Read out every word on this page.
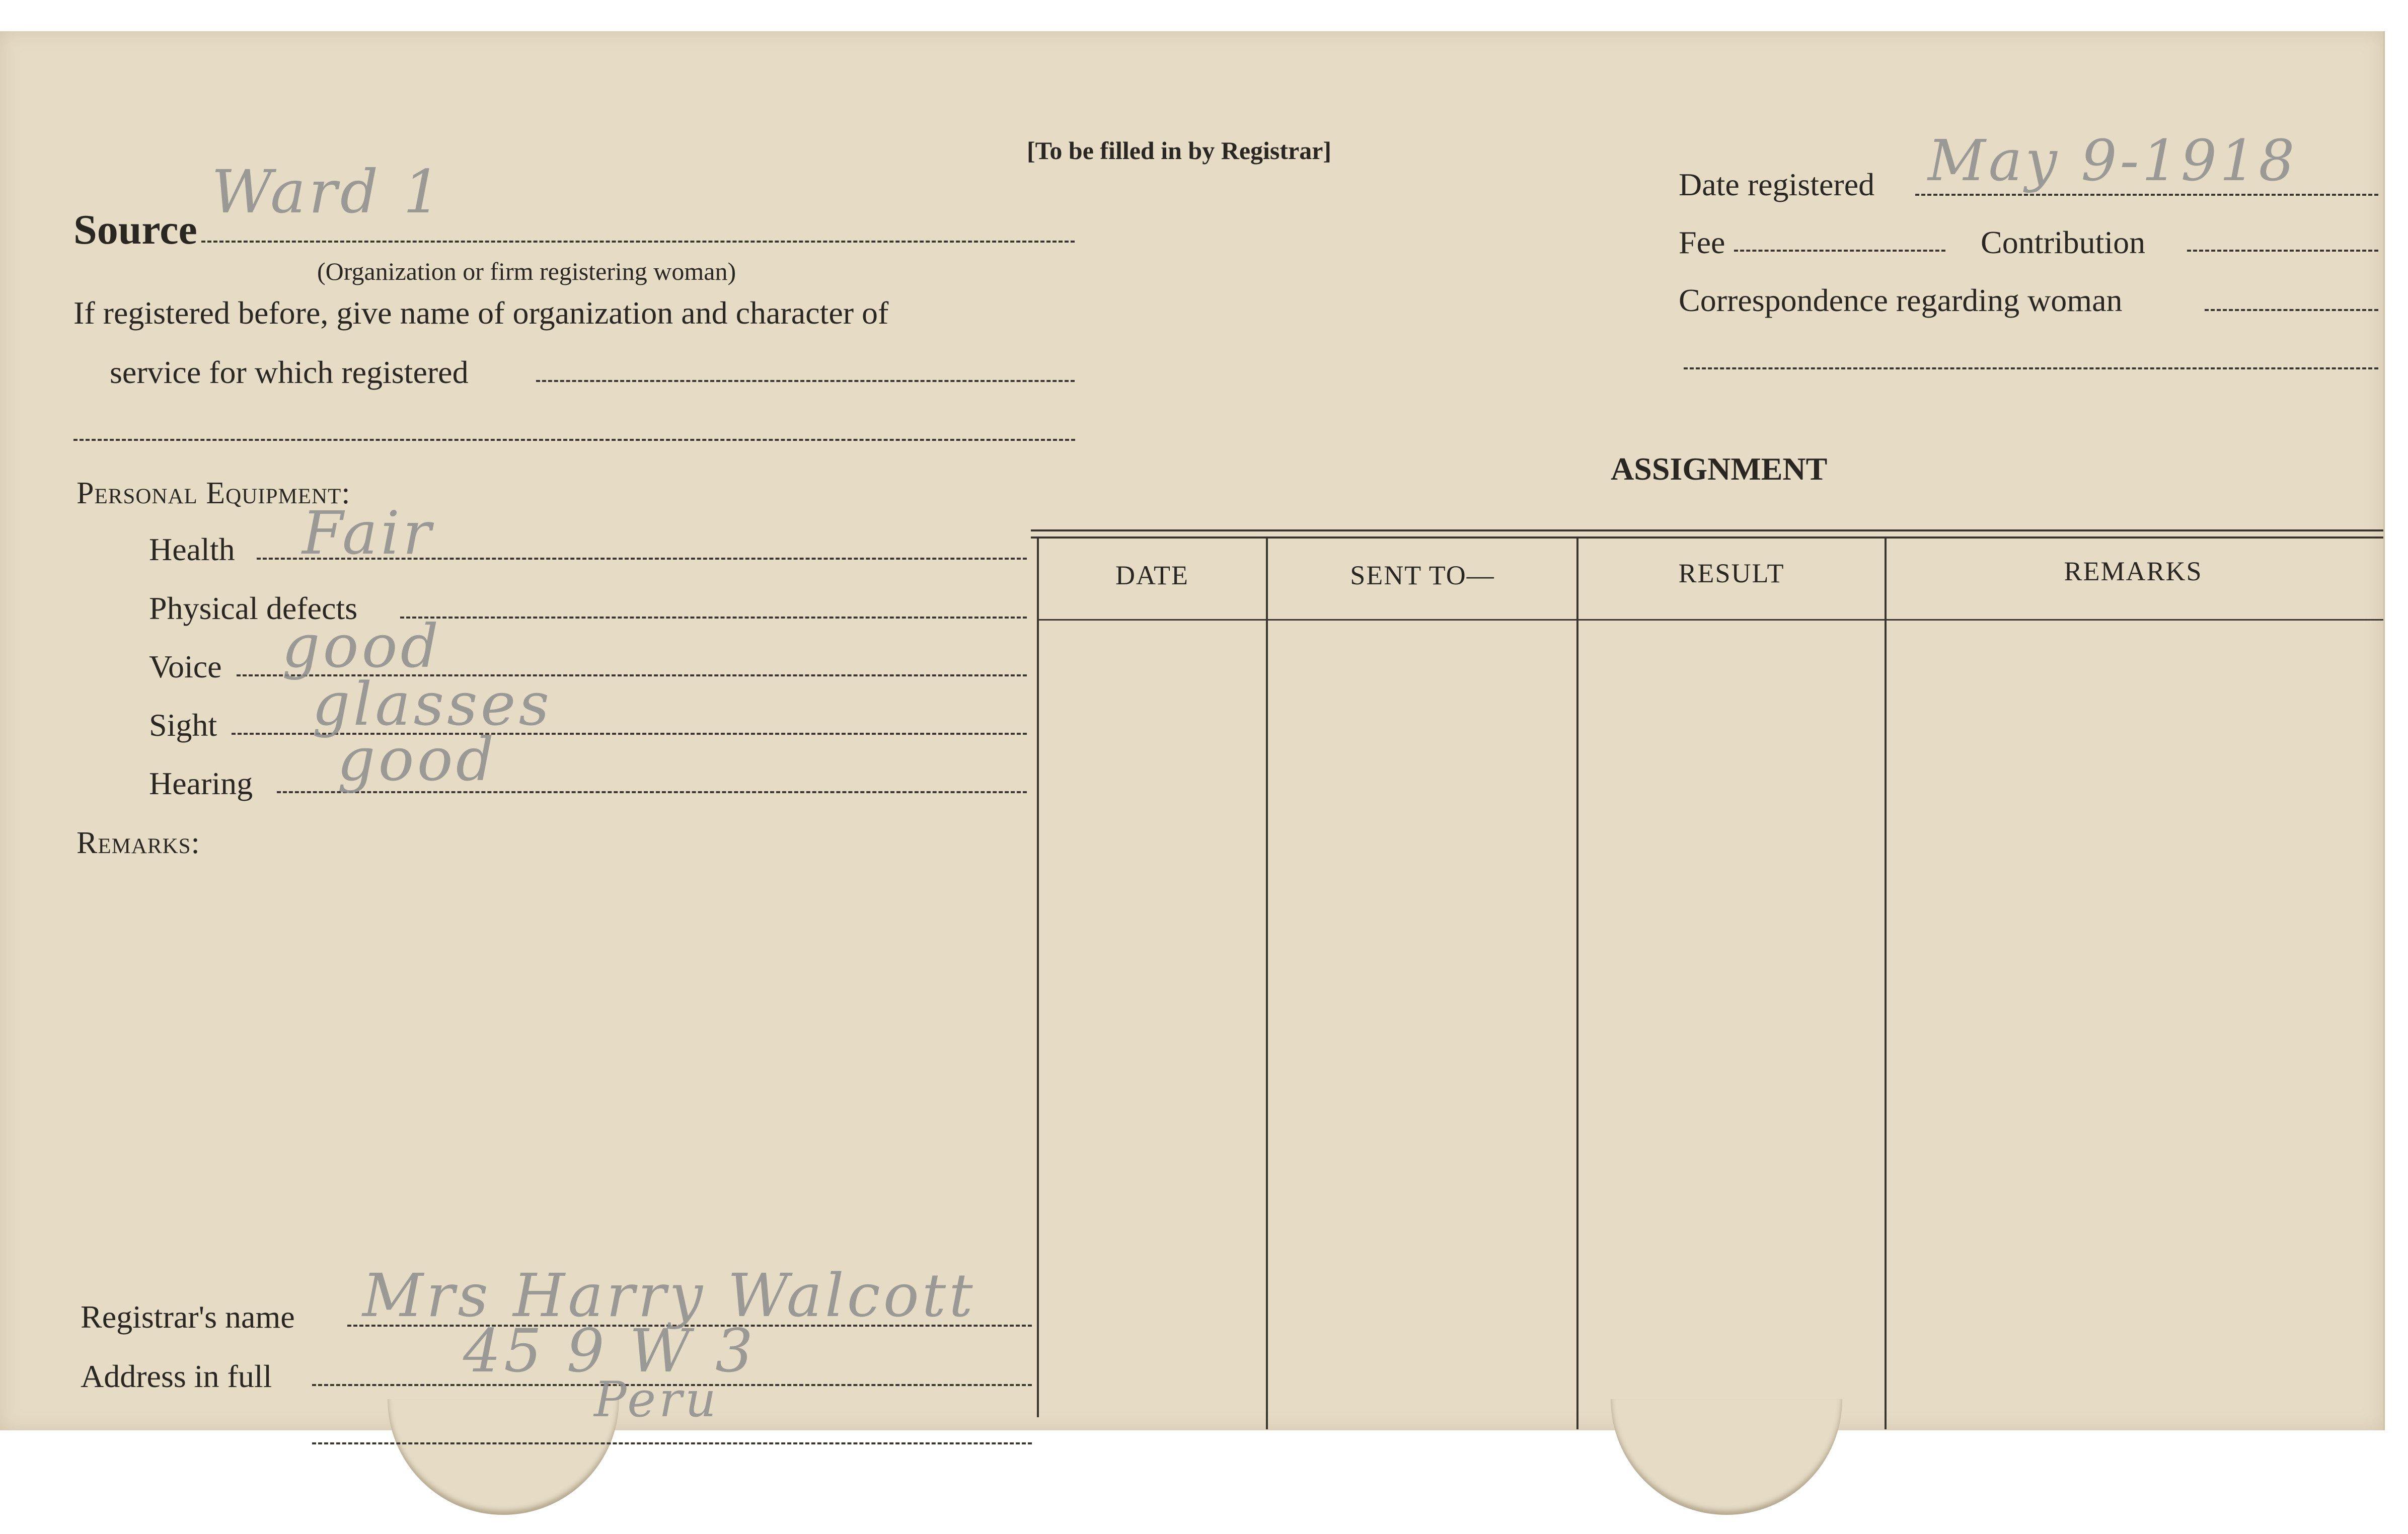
[To be filled in by Registrar]
Source
Ward 1
(Organization or firm registering woman)
If registered before, give name of organization and character of
service for which registered
Date registered May 9-1918
Fee	Contribution
Correspondence regarding woman
Personal Equipment:
Health Fair
Physical defects
Voice good
Sight glasses
Hearing good
Remarks:
ASSIGNMENT
DATE	SENT TO—	RESULT	REMARKS
Registrar's name Mrs Harry Walcott
Address in full	45 9 W 3
Peru
